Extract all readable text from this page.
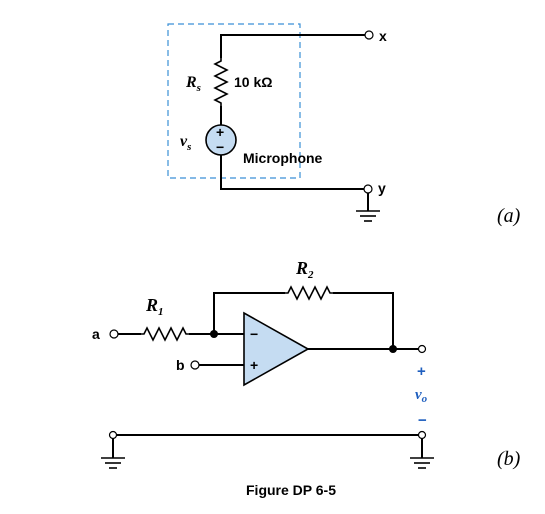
x
$R_s$ 10 kΩ
+
−
$v_s$
Microphone
y
(a)
a
$R_1$
$R_2$
b
−
+	+
vo
−
(b)
Figure DP 6-5
